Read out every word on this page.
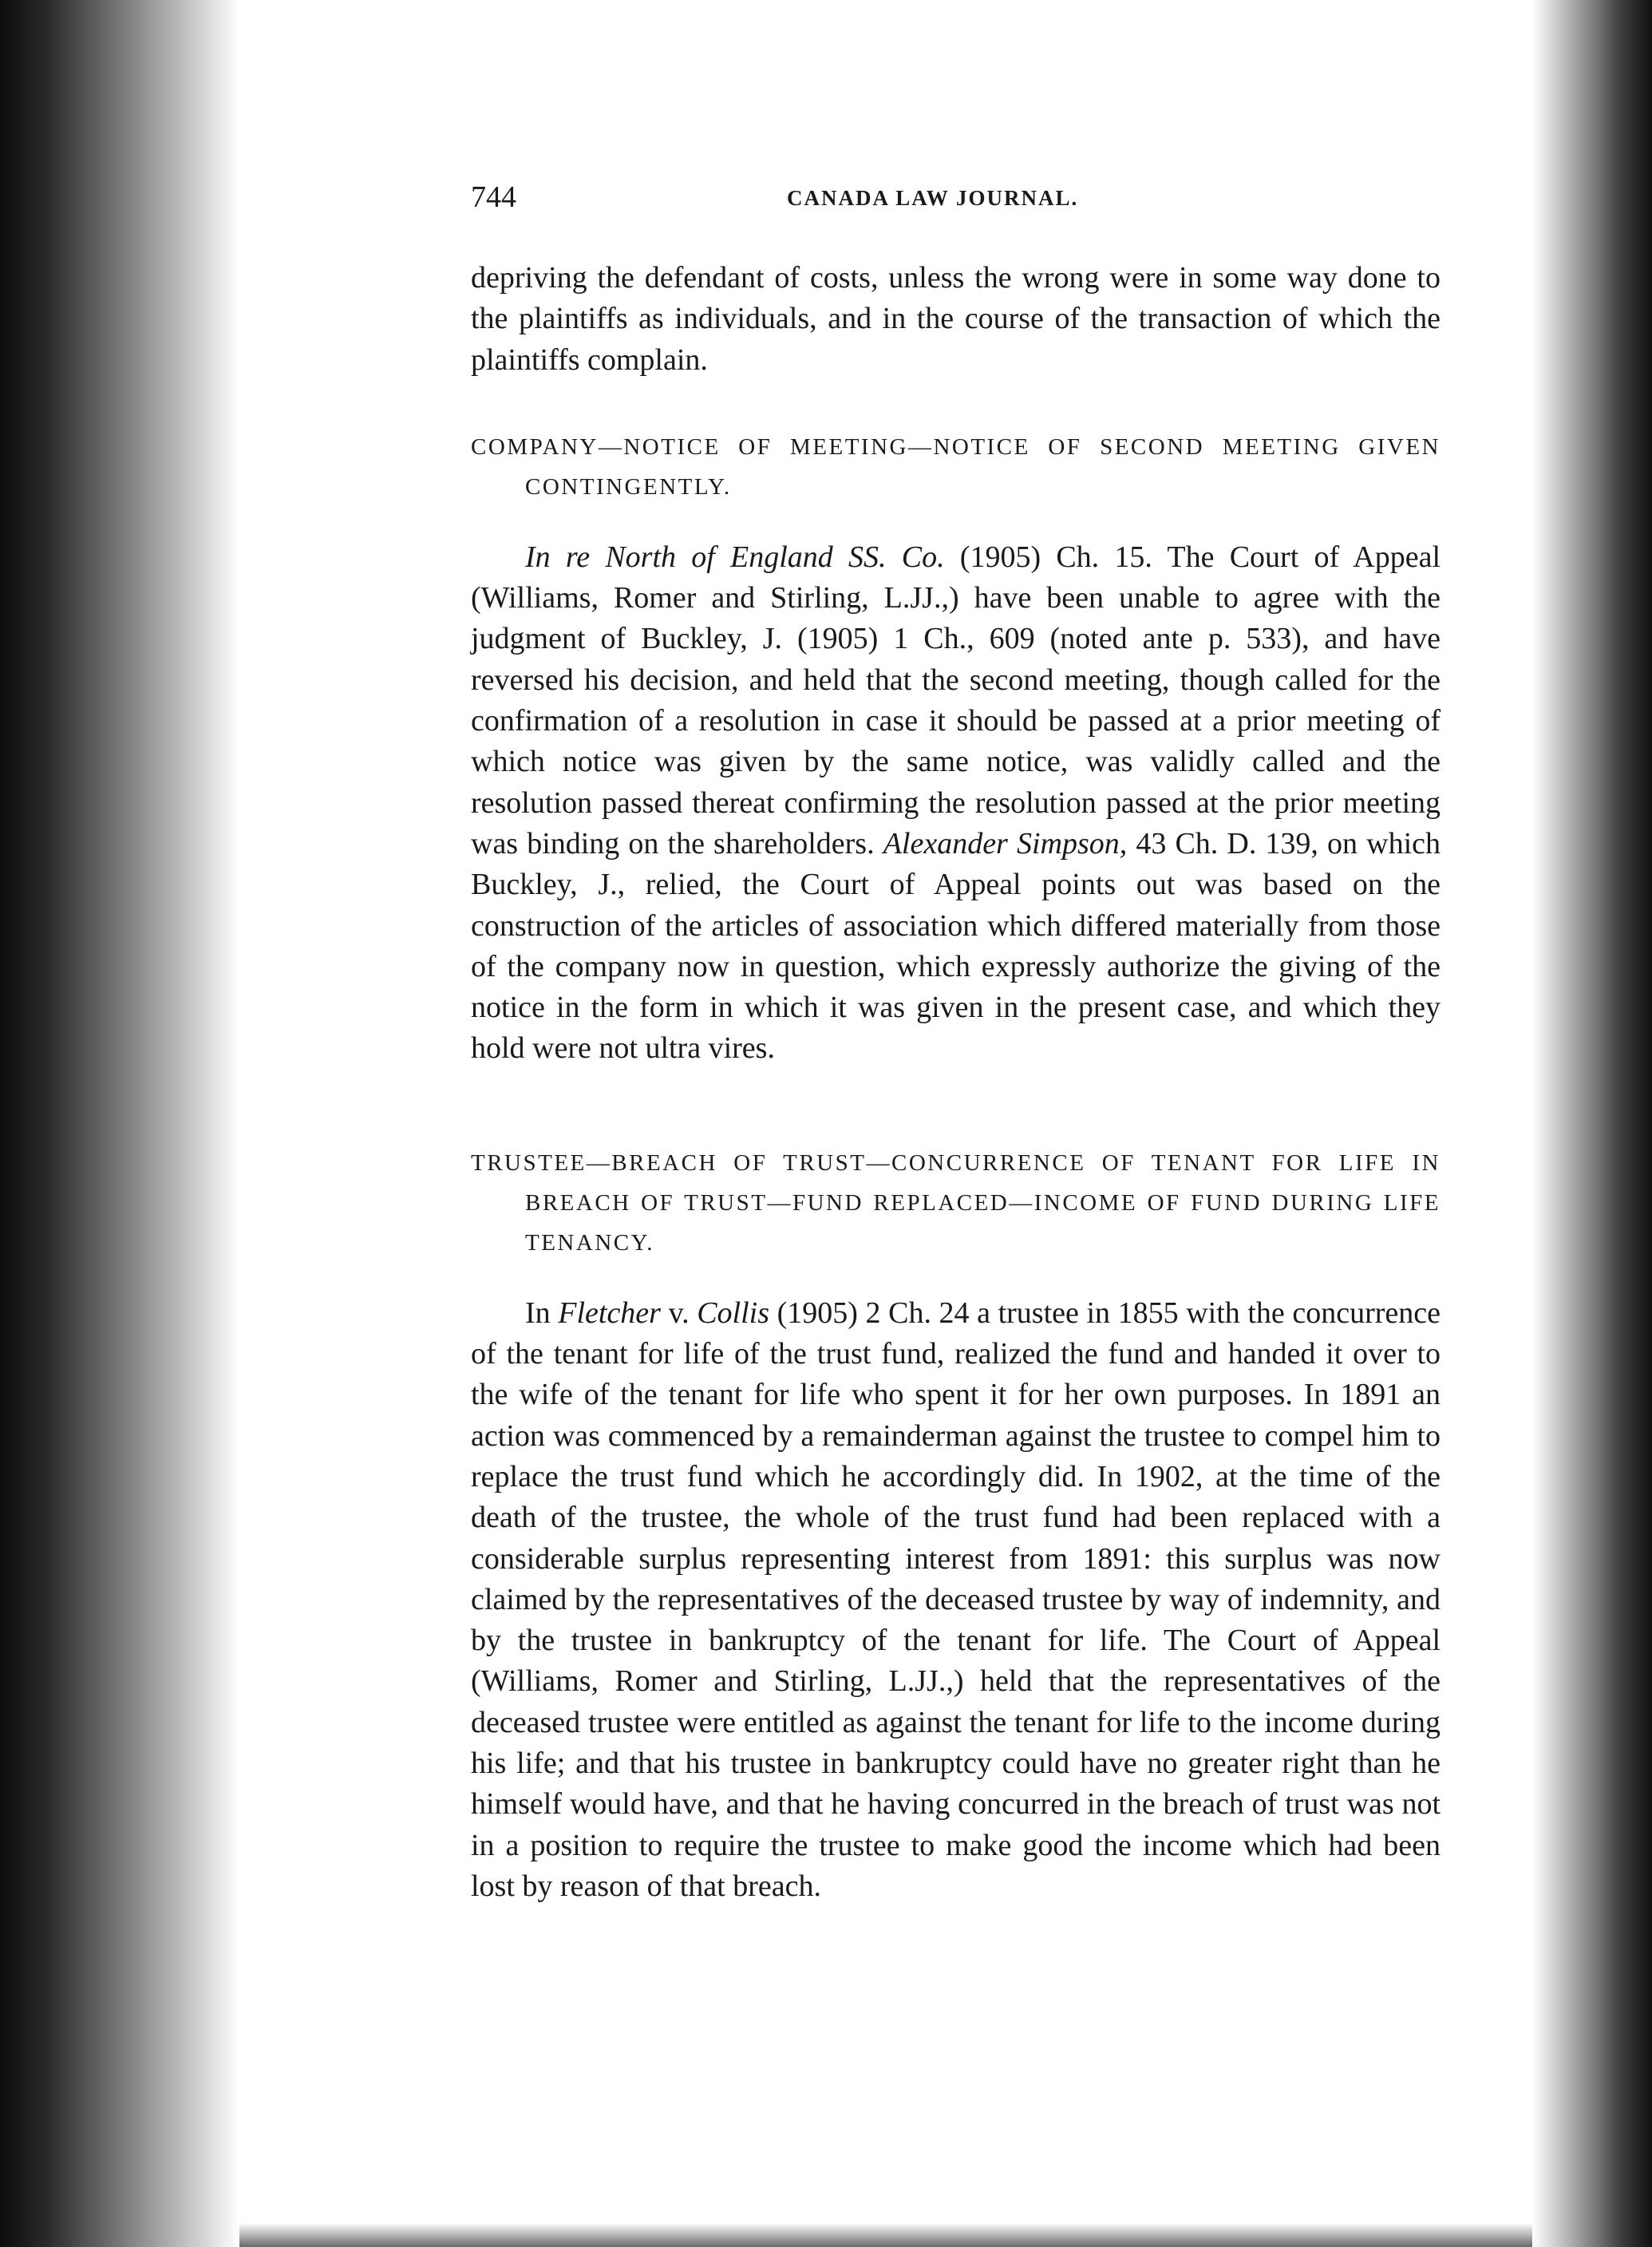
744	CANADA LAW JOURNAL.

depriving the defendant of costs, unless the wrong were in some way done to the plaintiffs as individuals, and in the course of the transaction of which the plaintiffs complain.

COMPANY—NOTICE OF MEETING—NOTICE OF SECOND MEETING GIVEN CONTINGENTLY.

In re North of England SS. Co. (1905) Ch. 15. The Court of Appeal (Williams, Romer and Stirling, L.JJ.,) have been unable to agree with the judgment of Buckley, J. (1905) 1 Ch., 609 (noted ante p. 533), and have reversed his decision, and held that the second meeting, though called for the confirmation of a resolution in case it should be passed at a prior meeting of which notice was given by the same notice, was validly called and the resolution passed thereat confirming the resolution passed at the prior meeting was binding on the shareholders. Alexander Simpson, 43 Ch. D. 139, on which Buckley, J., relied, the Court of Appeal points out was based on the construction of the articles of association which differed materially from those of the company now in question, which expressly authorize the giving of the notice in the form in which it was given in the present case, and which they hold were not ultra vires.

TRUSTEE—BREACH OF TRUST—CONCURRENCE OF TENANT FOR LIFE IN BREACH OF TRUST—FUND REPLACED—INCOME OF FUND DURING LIFE TENANCY.

In Fletcher v. Collis (1905) 2 Ch. 24 a trustee in 1855 with the concurrence of the tenant for life of the trust fund, realized the fund and handed it over to the wife of the tenant for life who spent it for her own purposes. In 1891 an action was commenced by a remainderman against the trustee to compel him to replace the trust fund which he accordingly did. In 1902, at the time of the death of the trustee, the whole of the trust fund had been replaced with a considerable surplus representing interest from 1891: this surplus was now claimed by the representatives of the deceased trustee by way of indemnity, and by the trustee in bankruptcy of the tenant for life. The Court of Appeal (Williams, Romer and Stirling, L.JJ.,) held that the representatives of the deceased trustee were entitled as against the tenant for life to the income during his life; and that his trustee in bankruptcy could have no greater right than he himself would have, and that he having concurred in the breach of trust was not in a position to require the trustee to make good the income which had been lost by reason of that breach.
